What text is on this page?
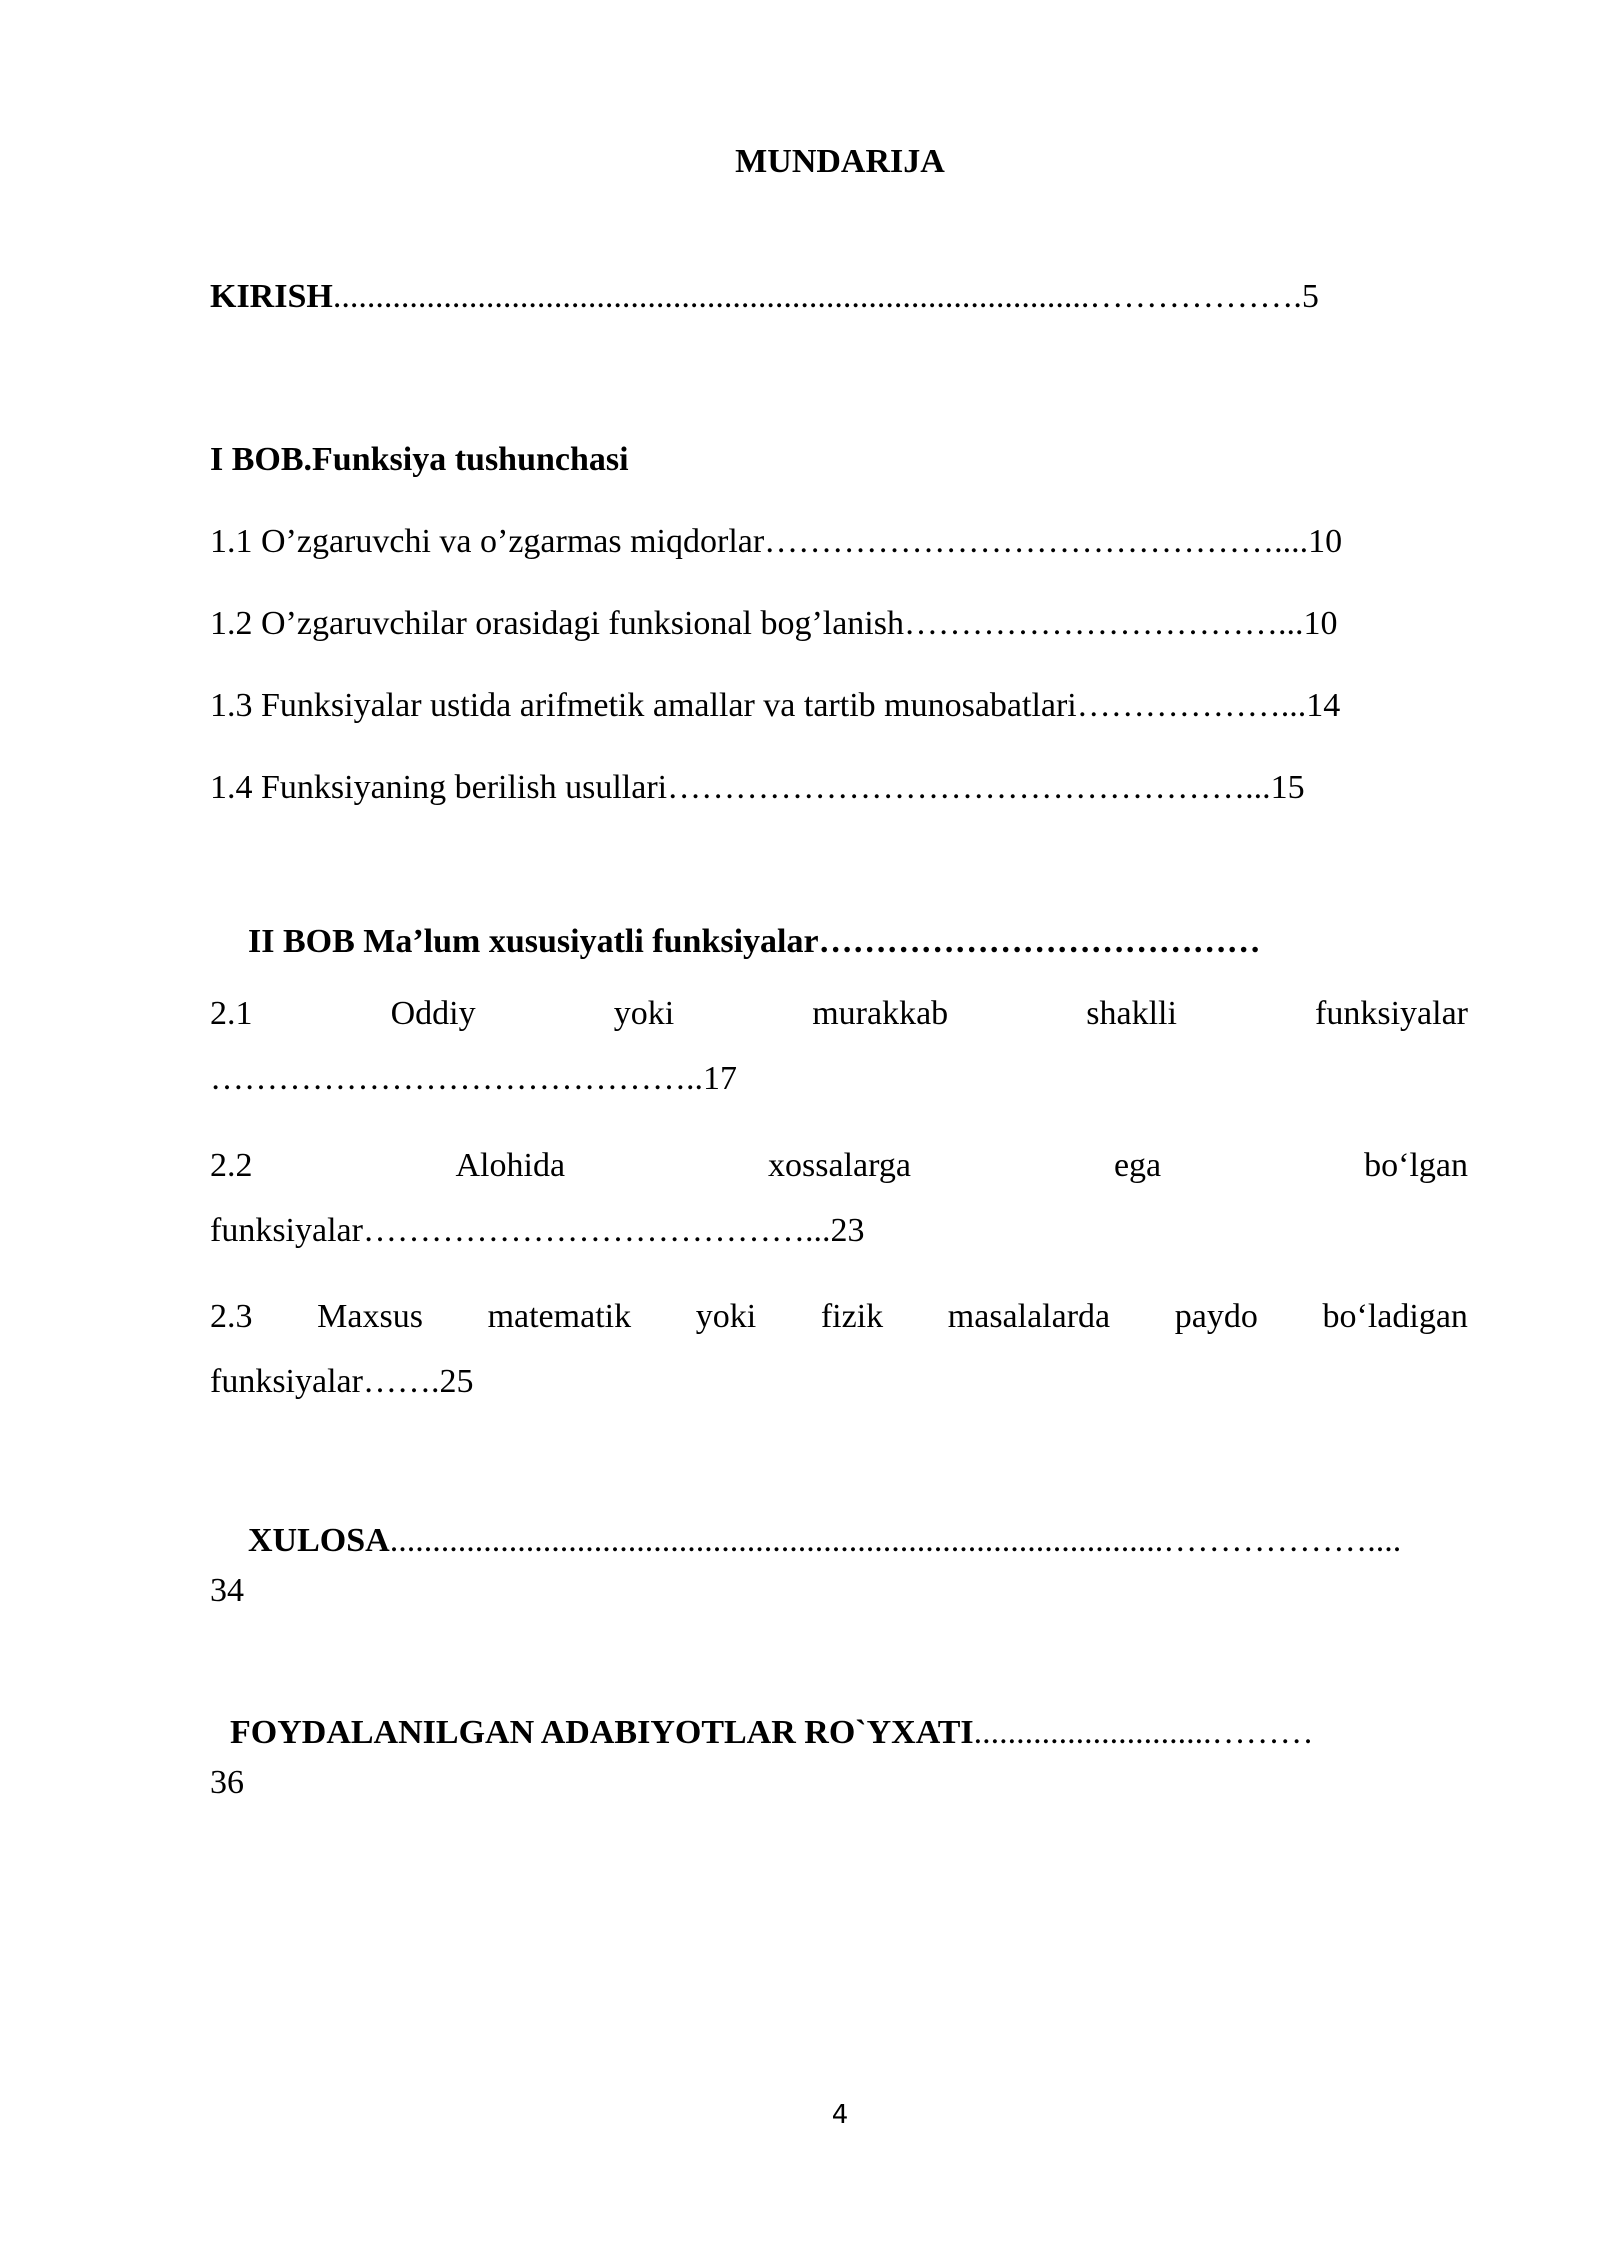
MUNDARIJA
KIRISH.........................................................................................……………….5
I BOB.Funksiya tushunchasi
1.1 O’zgaruvchi va o’zgarmas miqdorlar………………………………………....10
1.2 O’zgaruvchilar orasidagi funksional bog’lanish……………………………...10
1.3 Funksiyalar ustida arifmetik amallar va tartib munosabatlari………………...14
1.4 Funksiyaning berilish usullari……………………………………………...15
II BOB Ma’lum xususiyatli funksiyalar…………………………………
2.1	Oddiy	yoki	murakkab	shaklli	funksiyalar
……………………………………..17
2.2	Alohida	xossalarga	ega	bo‘lgan
funksiyalar…………………………………...23
2.3 Maxsus matematik yoki fizik masalalarda paydo bo‘ladigan
funksiyalar…….25
XULOSA...........................................................................................………………....
34
FOYDALANILGAN ADABIYOTLAR RO`YXATI............................………
36
4
